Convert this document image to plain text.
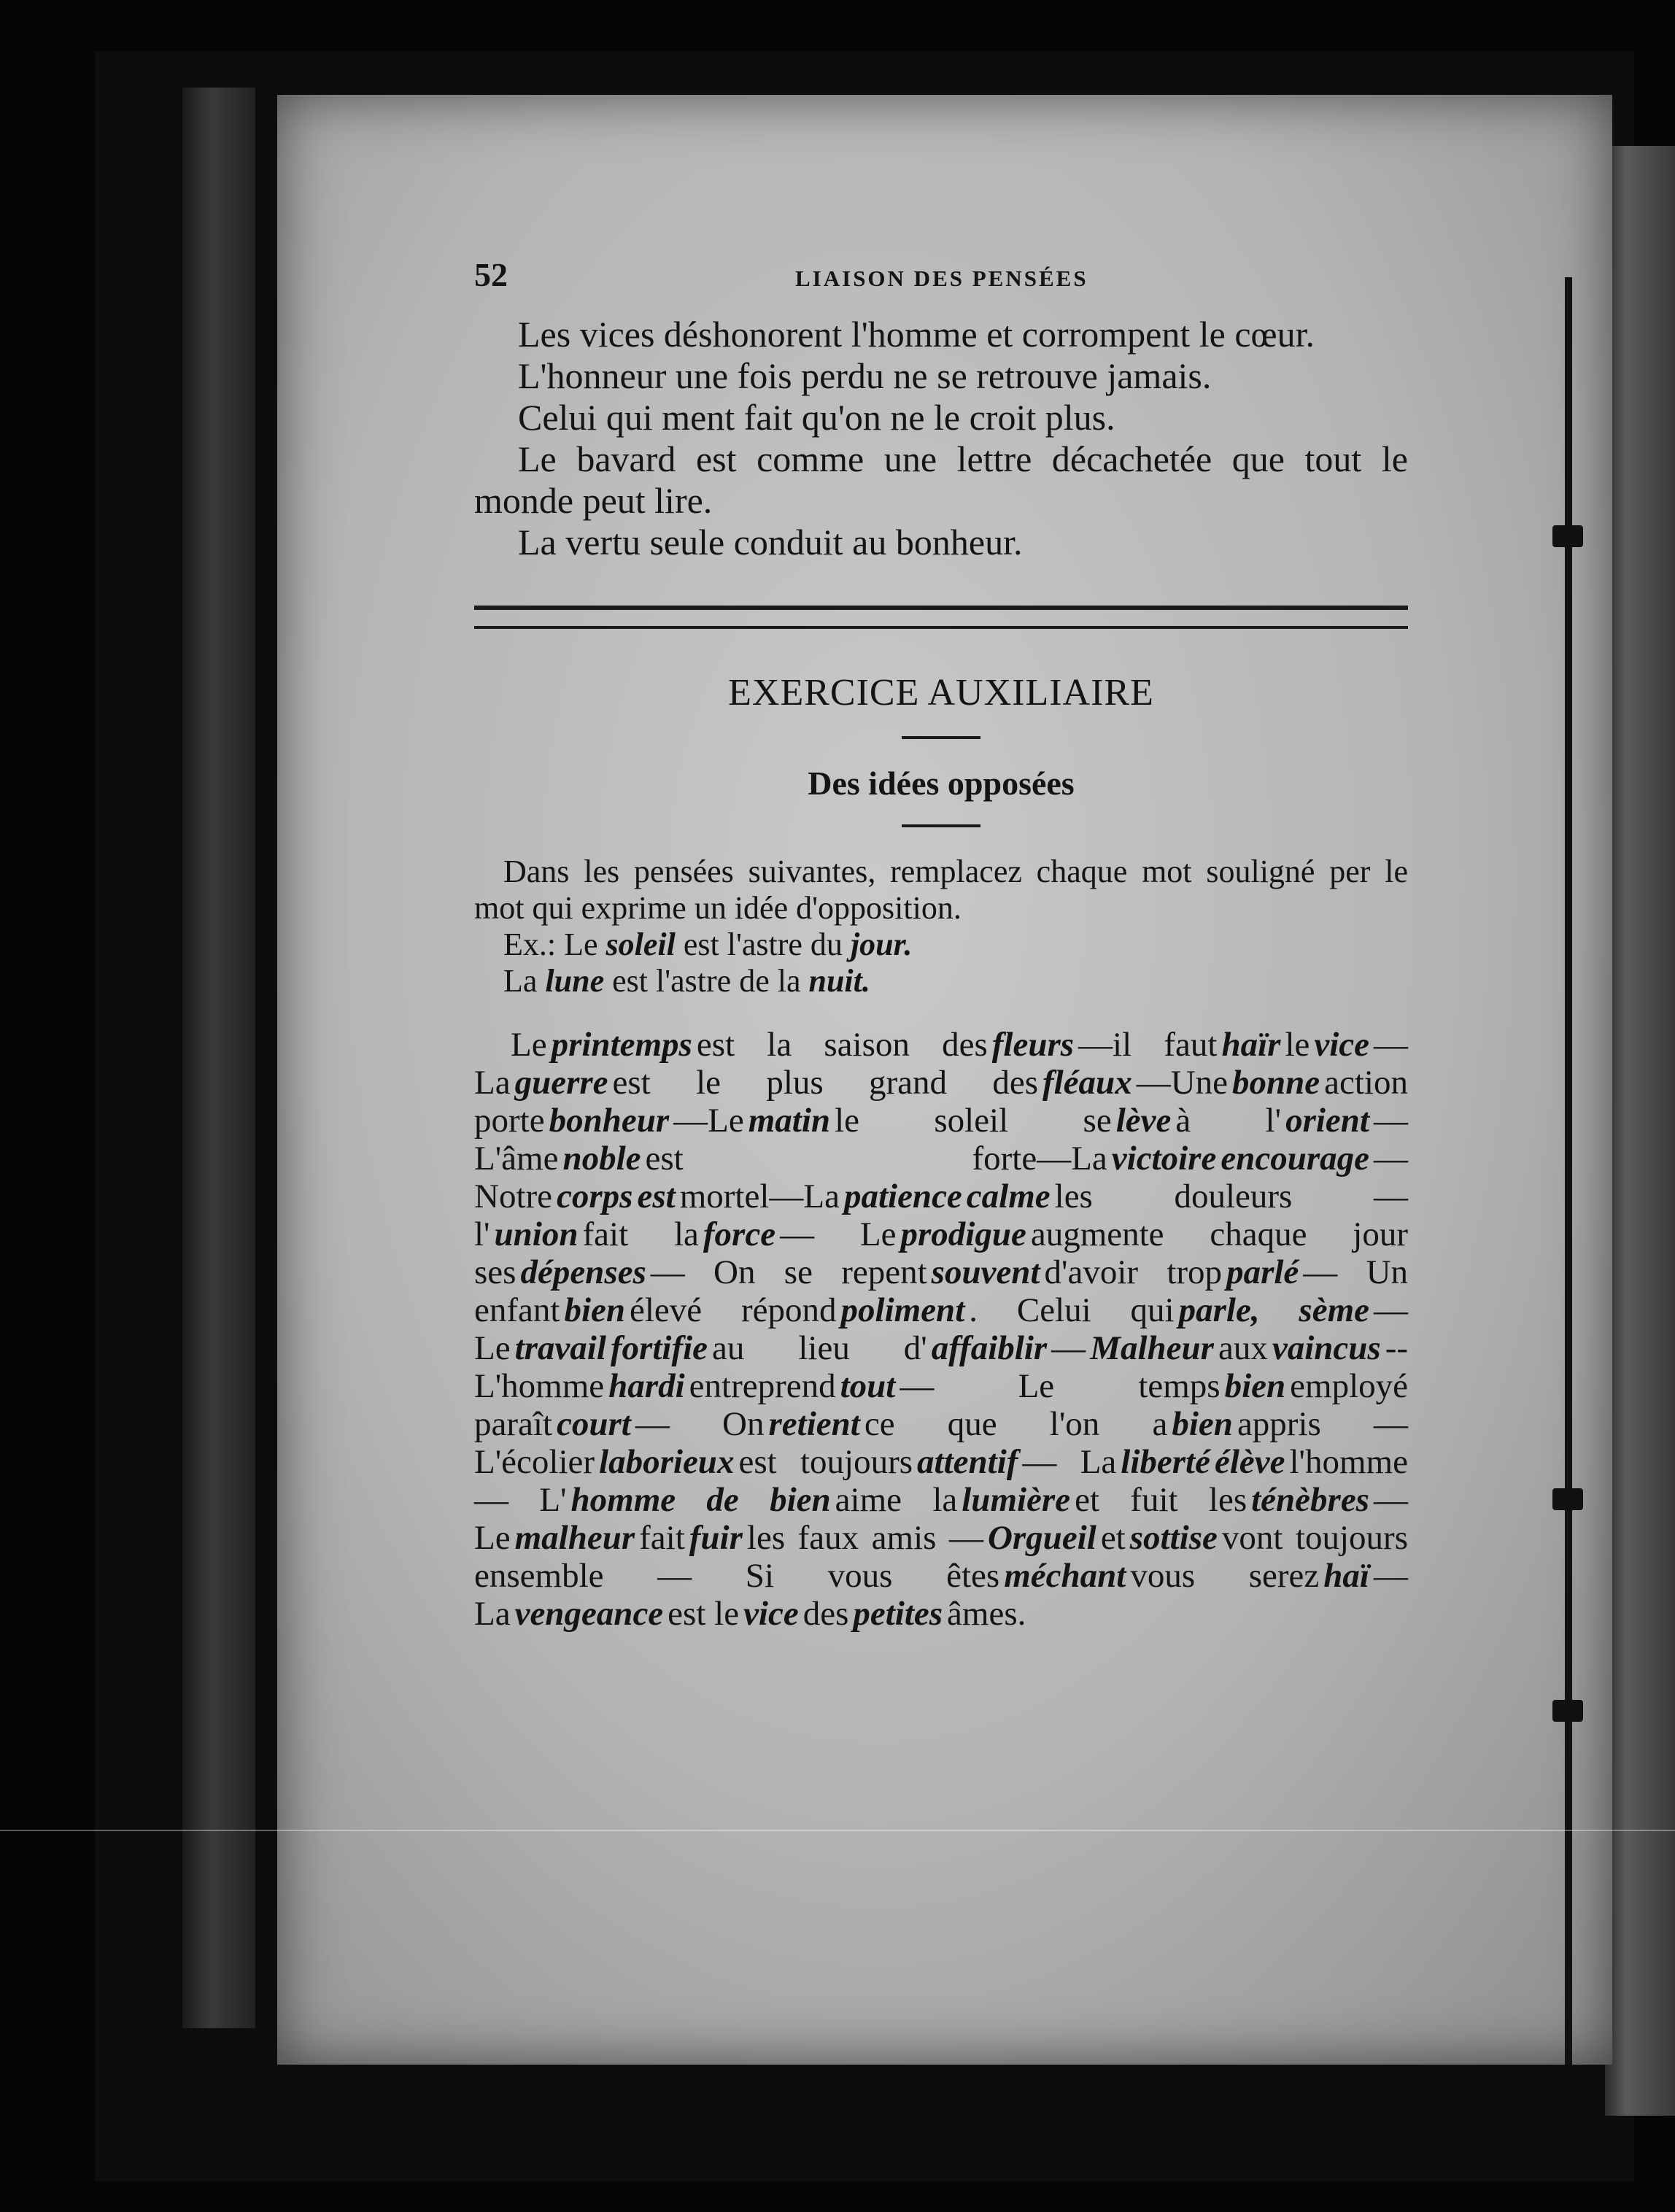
52	LIAISON DES PENSÉES

Les vices déshonorent l'homme et corrompent le cœur.

L'honneur une fois perdu ne se retrouve jamais.

Celui qui ment fait qu'on ne le croit plus.

Le bavard est comme une lettre décachetée que tout le monde peut lire.

La vertu seule conduit au bonheur.

EXERCICE AUXILIAIRE
Des idées opposées

Dans les pensées suivantes, remplacez chaque mot souligné per le mot qui exprime un idée d'opposition.

Ex.: Le soleil est l'astre du jour.

La lune est l'astre de la nuit.

Le printemps est la saison des fleurs —il faut haïr le vice —La guerre est le plus grand des fléaux —Une bonne action porte bonheur —Le matin le soleil se lève à l' orient —L'âme noble est forte—La victoire encourage —Notre corps est mortel—La patience calme les douleurs — l' union fait la force — Le prodigue augmente chaque jour ses dépenses — On se repent souvent d'avoir trop parlé — Un enfant bien élevé répond poliment . Celui qui parle, sème — Le travail fortifie au lieu d' affaiblir — Malheur aux vaincus -- L'homme hardi entreprend tout — Le temps bien employé paraît court — On retient ce que l'on a bien appris — L'écolier laborieux est toujours attentif — La liberté élève l'homme — L' homme de bien aime la lumière et fuit les ténèbres — Le malheur fait fuir les faux amis — Orgueil et sottise vont toujours ensemble — Si vous êtes méchant vous serez haï — La vengeance est le vice des petites âmes.
